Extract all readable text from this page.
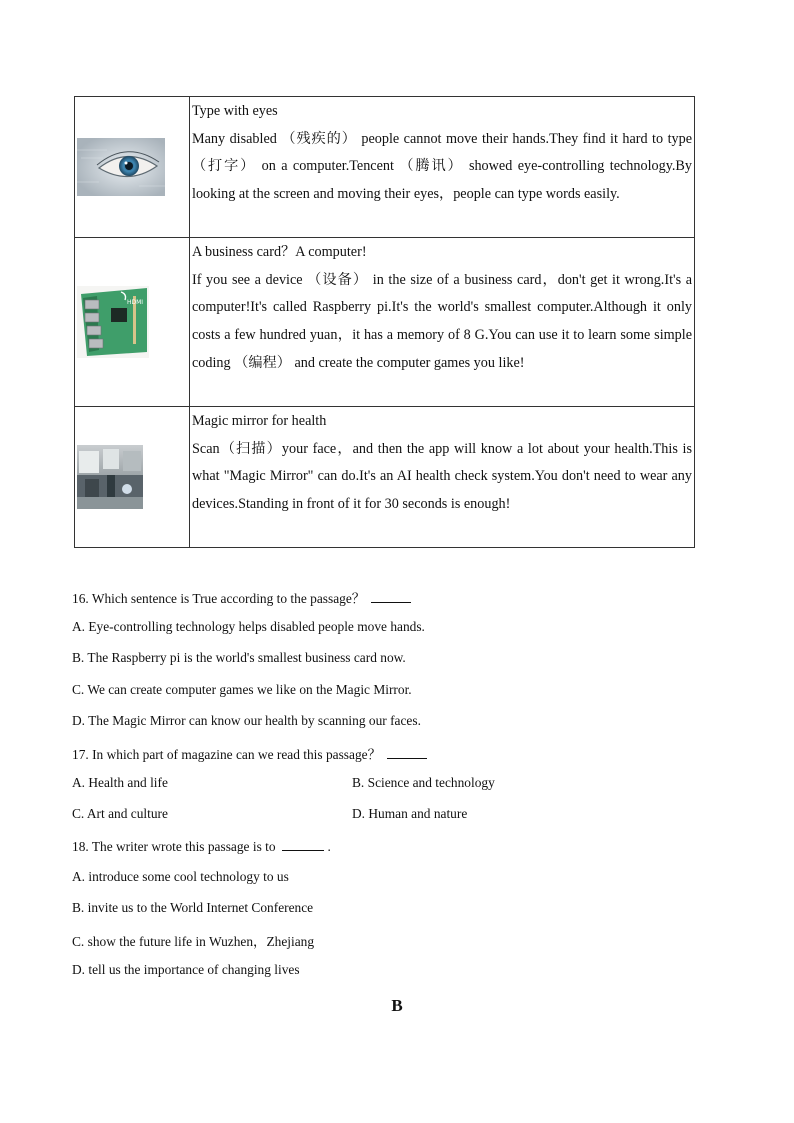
Type with eyes
Many disabled （残疾的） people cannot move their hands.They find it hard to type （打字） on a computer.Tencent （腾讯） showed eye-controlling technology.By looking at the screen and moving their eyes，people can type words easily.

HDMI	A business card？A computer!
If you see a device （设备） in the size of a business card，don't get it wrong.It's a computer!It's called Raspberry pi.It's the world's smallest computer.Although it only costs a few hundred yuan，it has a memory of 8 G.You can use it to learn some simple coding （编程） and create the computer games you like!

Magic mirror for health
Scan（扫描）your face，and then the app will know a lot about your health.This is what "Magic Mirror" can do.It's an AI health check system.You don't need to wear any devices.Standing in front of it for 30 seconds is enough!
16. Which sentence is True according to the passage？
A. Eye-controlling technology helps disabled people move hands.
B. The Raspberry pi is the world's smallest business card now.
C. We can create computer games we like on the Magic Mirror.
D. The Magic Mirror can know our health by scanning our faces.
17. In which part of magazine can we read this passage？
A. Health and life	B. Science and technology
C. Art and culture	D. Human and nature
18. The writer wrote this passage is to	.
A. introduce some cool technology to us
B. invite us to the World Internet Conference
C. show the future life in Wuzhen，Zhejiang
D. tell us the importance of changing lives
B
